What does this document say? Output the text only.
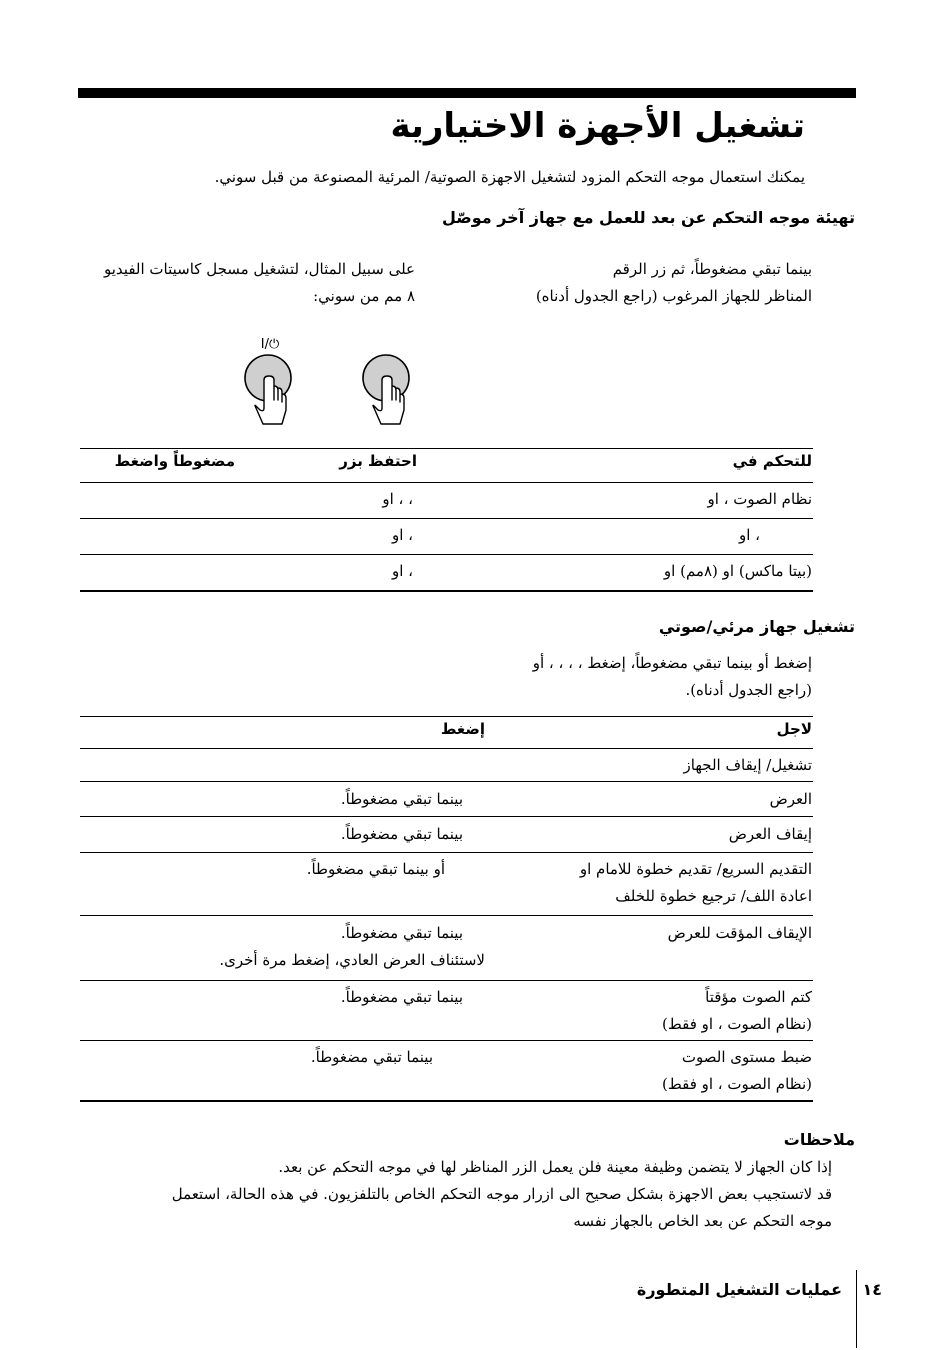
تشغيل الأجهزة الاختيارية
يمكنك استعمال موجه التحكم المزود لتشغيل الاجهزة الصوتية/ المرئية المصنوعة من قبل سوني.
تهيئة موجه التحكم عن بعد للعمل مع جهاز آخر موصّل
بينما تبقي مضغوطاً، ثم زر الرقم
المناظر للجهاز المرغوب (راجع الجدول أدناه)
على سبيل المثال، لتشغيل مسجل كاسيتات الفيديو
٨ مم من سوني:
I/⏻
للتحكم في
احتفظ بزر
مضغوطاً واضغط
نظام الصوت ، او
، ، او
، او
، او
(بيتا ماكس) او (٨مم) او
، او
تشغيل جهاز مرئي/صوتي
إضغط أو بينما تبقي مضغوطاً، إضغط ، ، ، ، أو
(راجع الجدول أدناه).
لاجل
إضغط
تشغيل/ إيقاف الجهاز
العرض
بينما تبقي مضغوطاً.
إيقاف العرض
بينما تبقي مضغوطاً.
التقديم السريع/ تقديم خطوة للامام او
اعادة اللف/ ترجيع خطوة للخلف
أو بينما تبقي مضغوطاً.
الإيقاف المؤقت للعرض
بينما تبقي مضغوطاً.
لاستئناف العرض العادي، إضغط مرة أخرى.
كتم الصوت مؤقتاً
(نظام الصوت ، او فقط)
بينما تبقي مضغوطاً.
ضبط مستوى الصوت
(نظام الصوت ، او فقط)
بينما تبقي مضغوطاً.
ملاحظات
إذا كان الجهاز لا يتضمن وظيفة معينة فلن يعمل الزر المناظر لها في موجه التحكم عن بعد.
قد لاتستجيب بعض الاجهزة بشكل صحيح الى ازرار موجه التحكم الخاص بالتلفزيون. في هذه الحالة، استعمل
موجه التحكم عن بعد الخاص بالجهاز نفسه
عمليات التشغيل المتطورة ١٤
